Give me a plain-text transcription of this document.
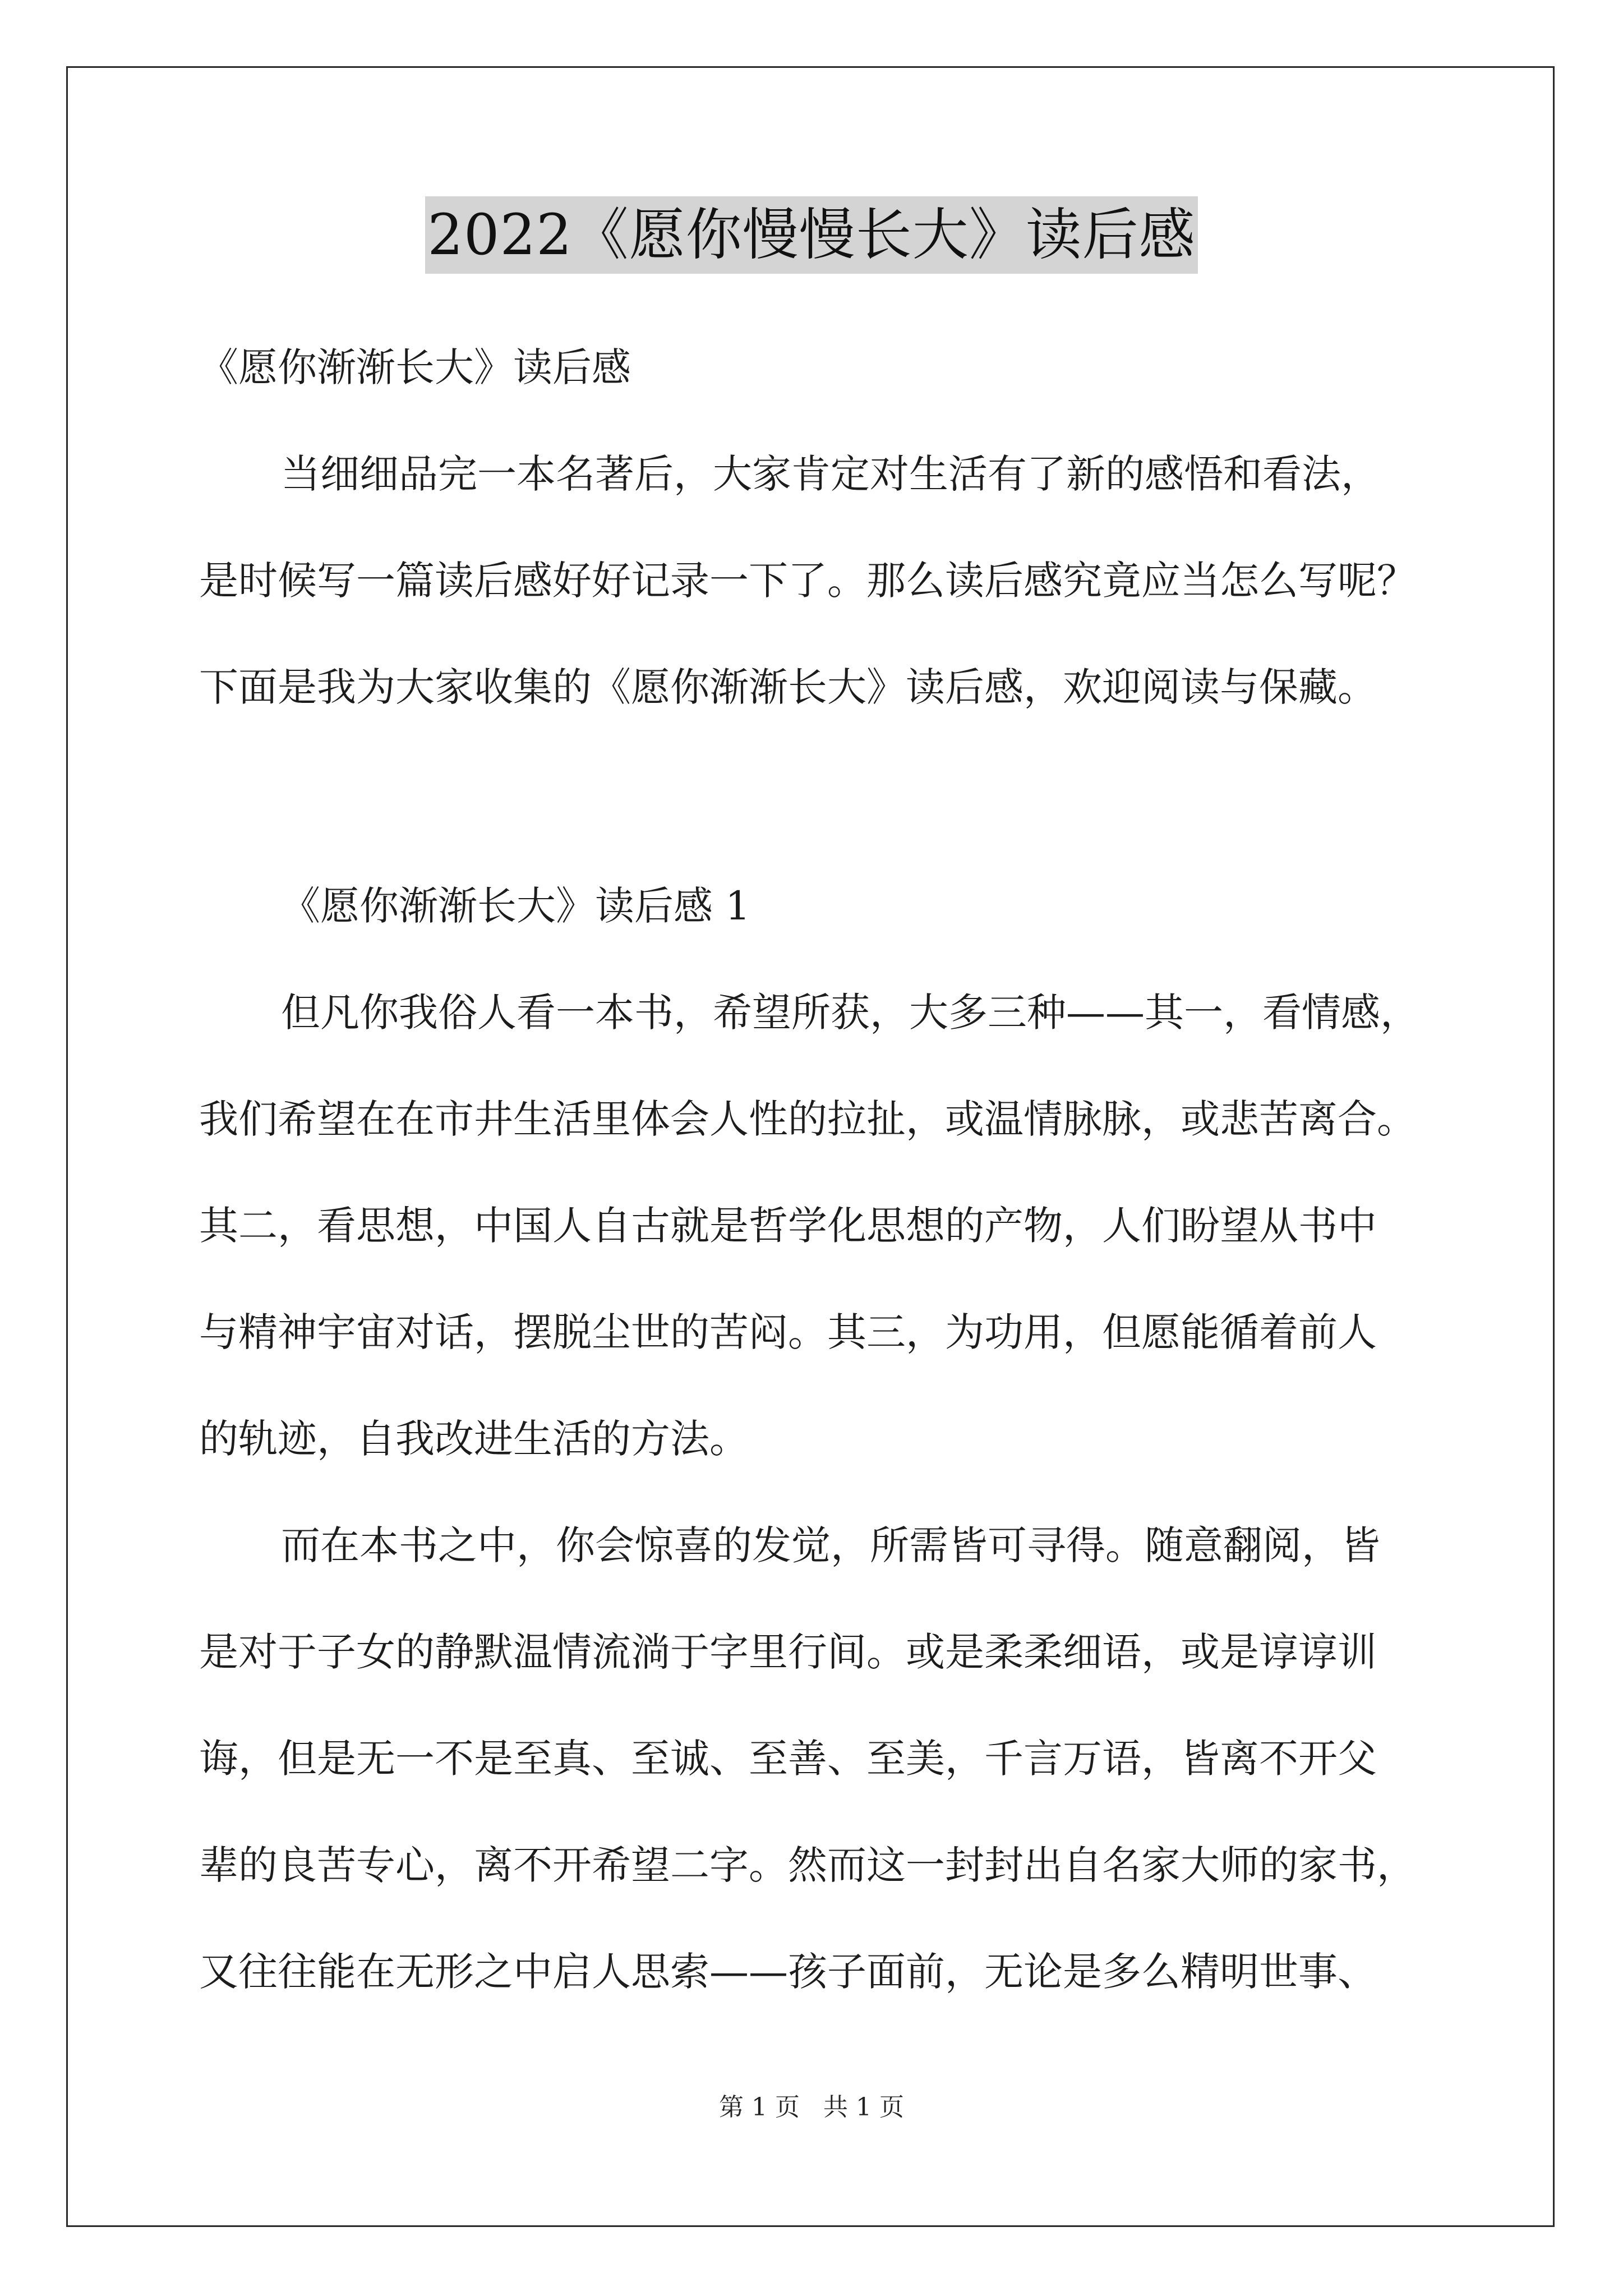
2022《愿你慢慢长大》读后感
《愿你渐渐长大》读后感
当细细品完一本名著后，大家肯定对生活有了新的感悟和看法，
是时候写一篇读后感好好记录一下了。那么读后感究竟应当怎么写呢？
下面是我为大家收集的《愿你渐渐长大》读后感，欢迎阅读与保藏。
《愿你渐渐长大》读后感 1
但凡你我俗人看一本书，希望所获，大多三种——其一，看情感，
我们希望在在市井生活里体会人性的拉扯，或温情脉脉，或悲苦离合。
其二，看思想，中国人自古就是哲学化思想的产物，人们盼望从书中
与精神宇宙对话，摆脱尘世的苦闷。其三，为功用，但愿能循着前人
的轨迹，自我改进生活的方法。
而在本书之中，你会惊喜的发觉，所需皆可寻得。随意翻阅，皆
是对于子女的静默温情流淌于字里行间。或是柔柔细语，或是谆谆训
诲，但是无一不是至真、至诚、至善、至美，千言万语，皆离不开父
辈的良苦专心，离不开希望二字。然而这一封封出自名家大师的家书，
又往往能在无形之中启人思索——孩子面前，无论是多么精明世事、
第 1 页 共 1 页
